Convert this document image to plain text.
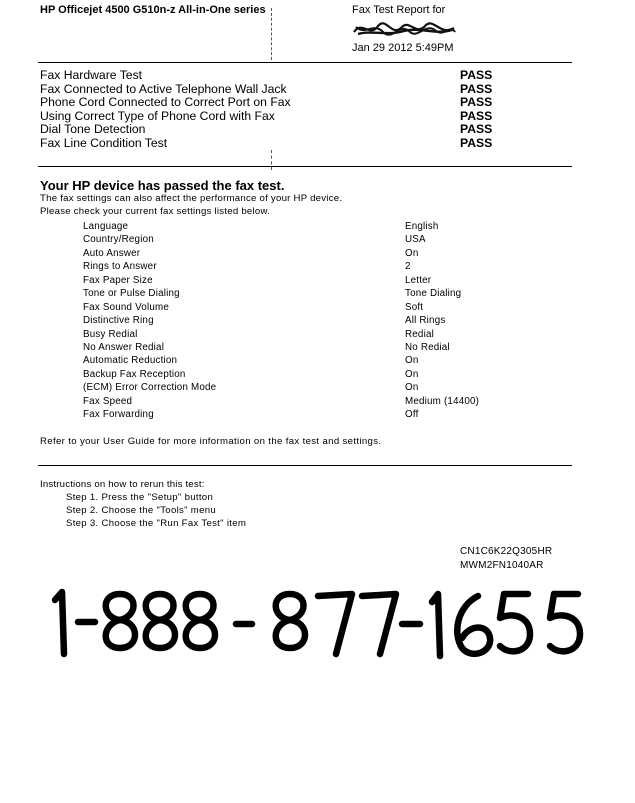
HP Officejet 4500 G510n-z All-in-One series	Fax Test Report for
Jan 29 2012 5:49PM
Fax Hardware Test	PASS
Fax Connected to Active Telephone Wall Jack	PASS
Phone Cord Connected to Correct Port on Fax	PASS
Using Correct Type of Phone Cord with Fax	PASS
Dial Tone Detection	PASS
Fax Line Condition Test	PASS
Your HP device has passed the fax test.
The fax settings can also affect the performance of your HP device.
Please check your current fax settings listed below.
Language	English
Country/Region	USA
Auto Answer	On
Rings to Answer	2
Fax Paper Size	Letter
Tone or Pulse Dialing	Tone Dialing
Fax Sound Volume	Soft
Distinctive Ring	All Rings
Busy Redial	Redial
No Answer Redial	No Redial
Automatic Reduction	On
Backup Fax Reception	On
(ECM) Error Correction Mode	On
Fax Speed	Medium (14400)
Fax Forwarding	Off
Refer to your User Guide for more information on the fax test and settings.
Instructions on how to rerun this test:
Step 1. Press the "Setup" button
Step 2. Choose the "Tools" menu
Step 3. Choose the "Run Fax Test" item
CN1C6K22Q305HR
MWM2FN1040AR
